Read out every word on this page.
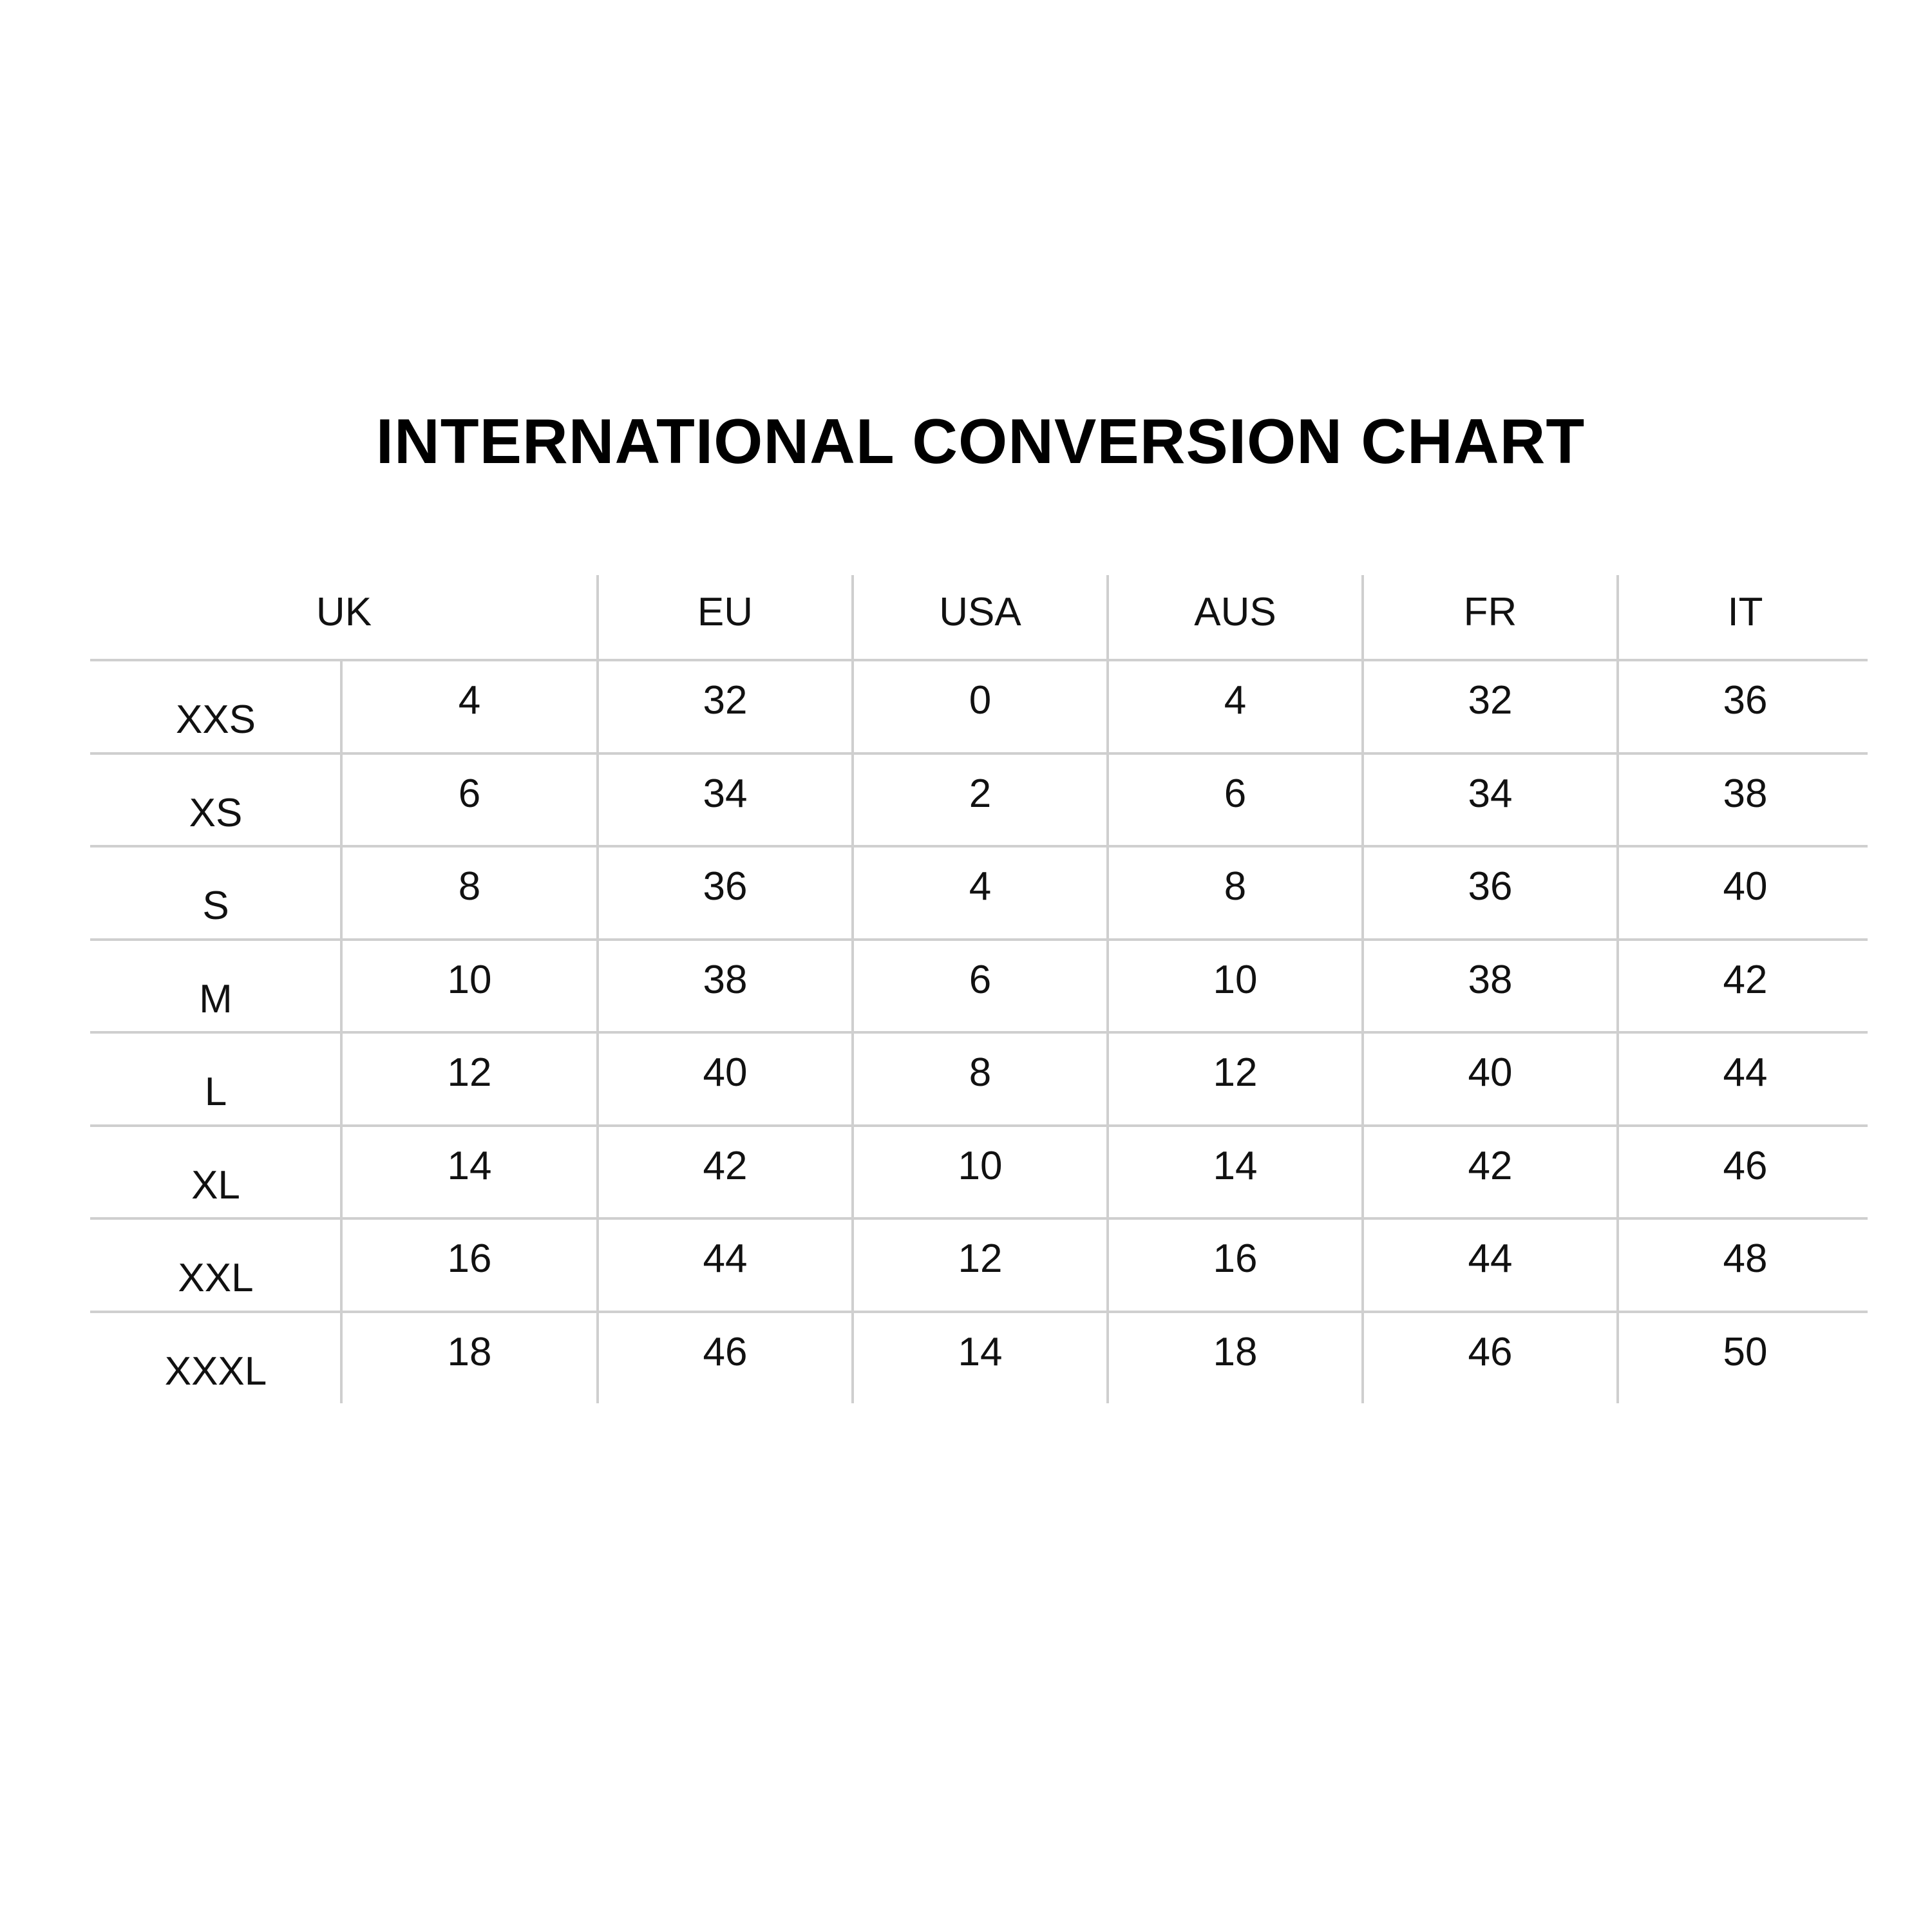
INTERNATIONAL CONVERSION CHART
UK	EU	USA	AUS	FR	IT
XXS	4	32	0	4	32	36
XS	6	34	2	6	34	38
S	8	36	4	8	36	40
M	10	38	6	10	38	42
L	12	40	8	12	40	44
XL	14	42	10	14	42	46
XXL	16	44	12	16	44	48
XXXL	18	46	14	18	46	50
